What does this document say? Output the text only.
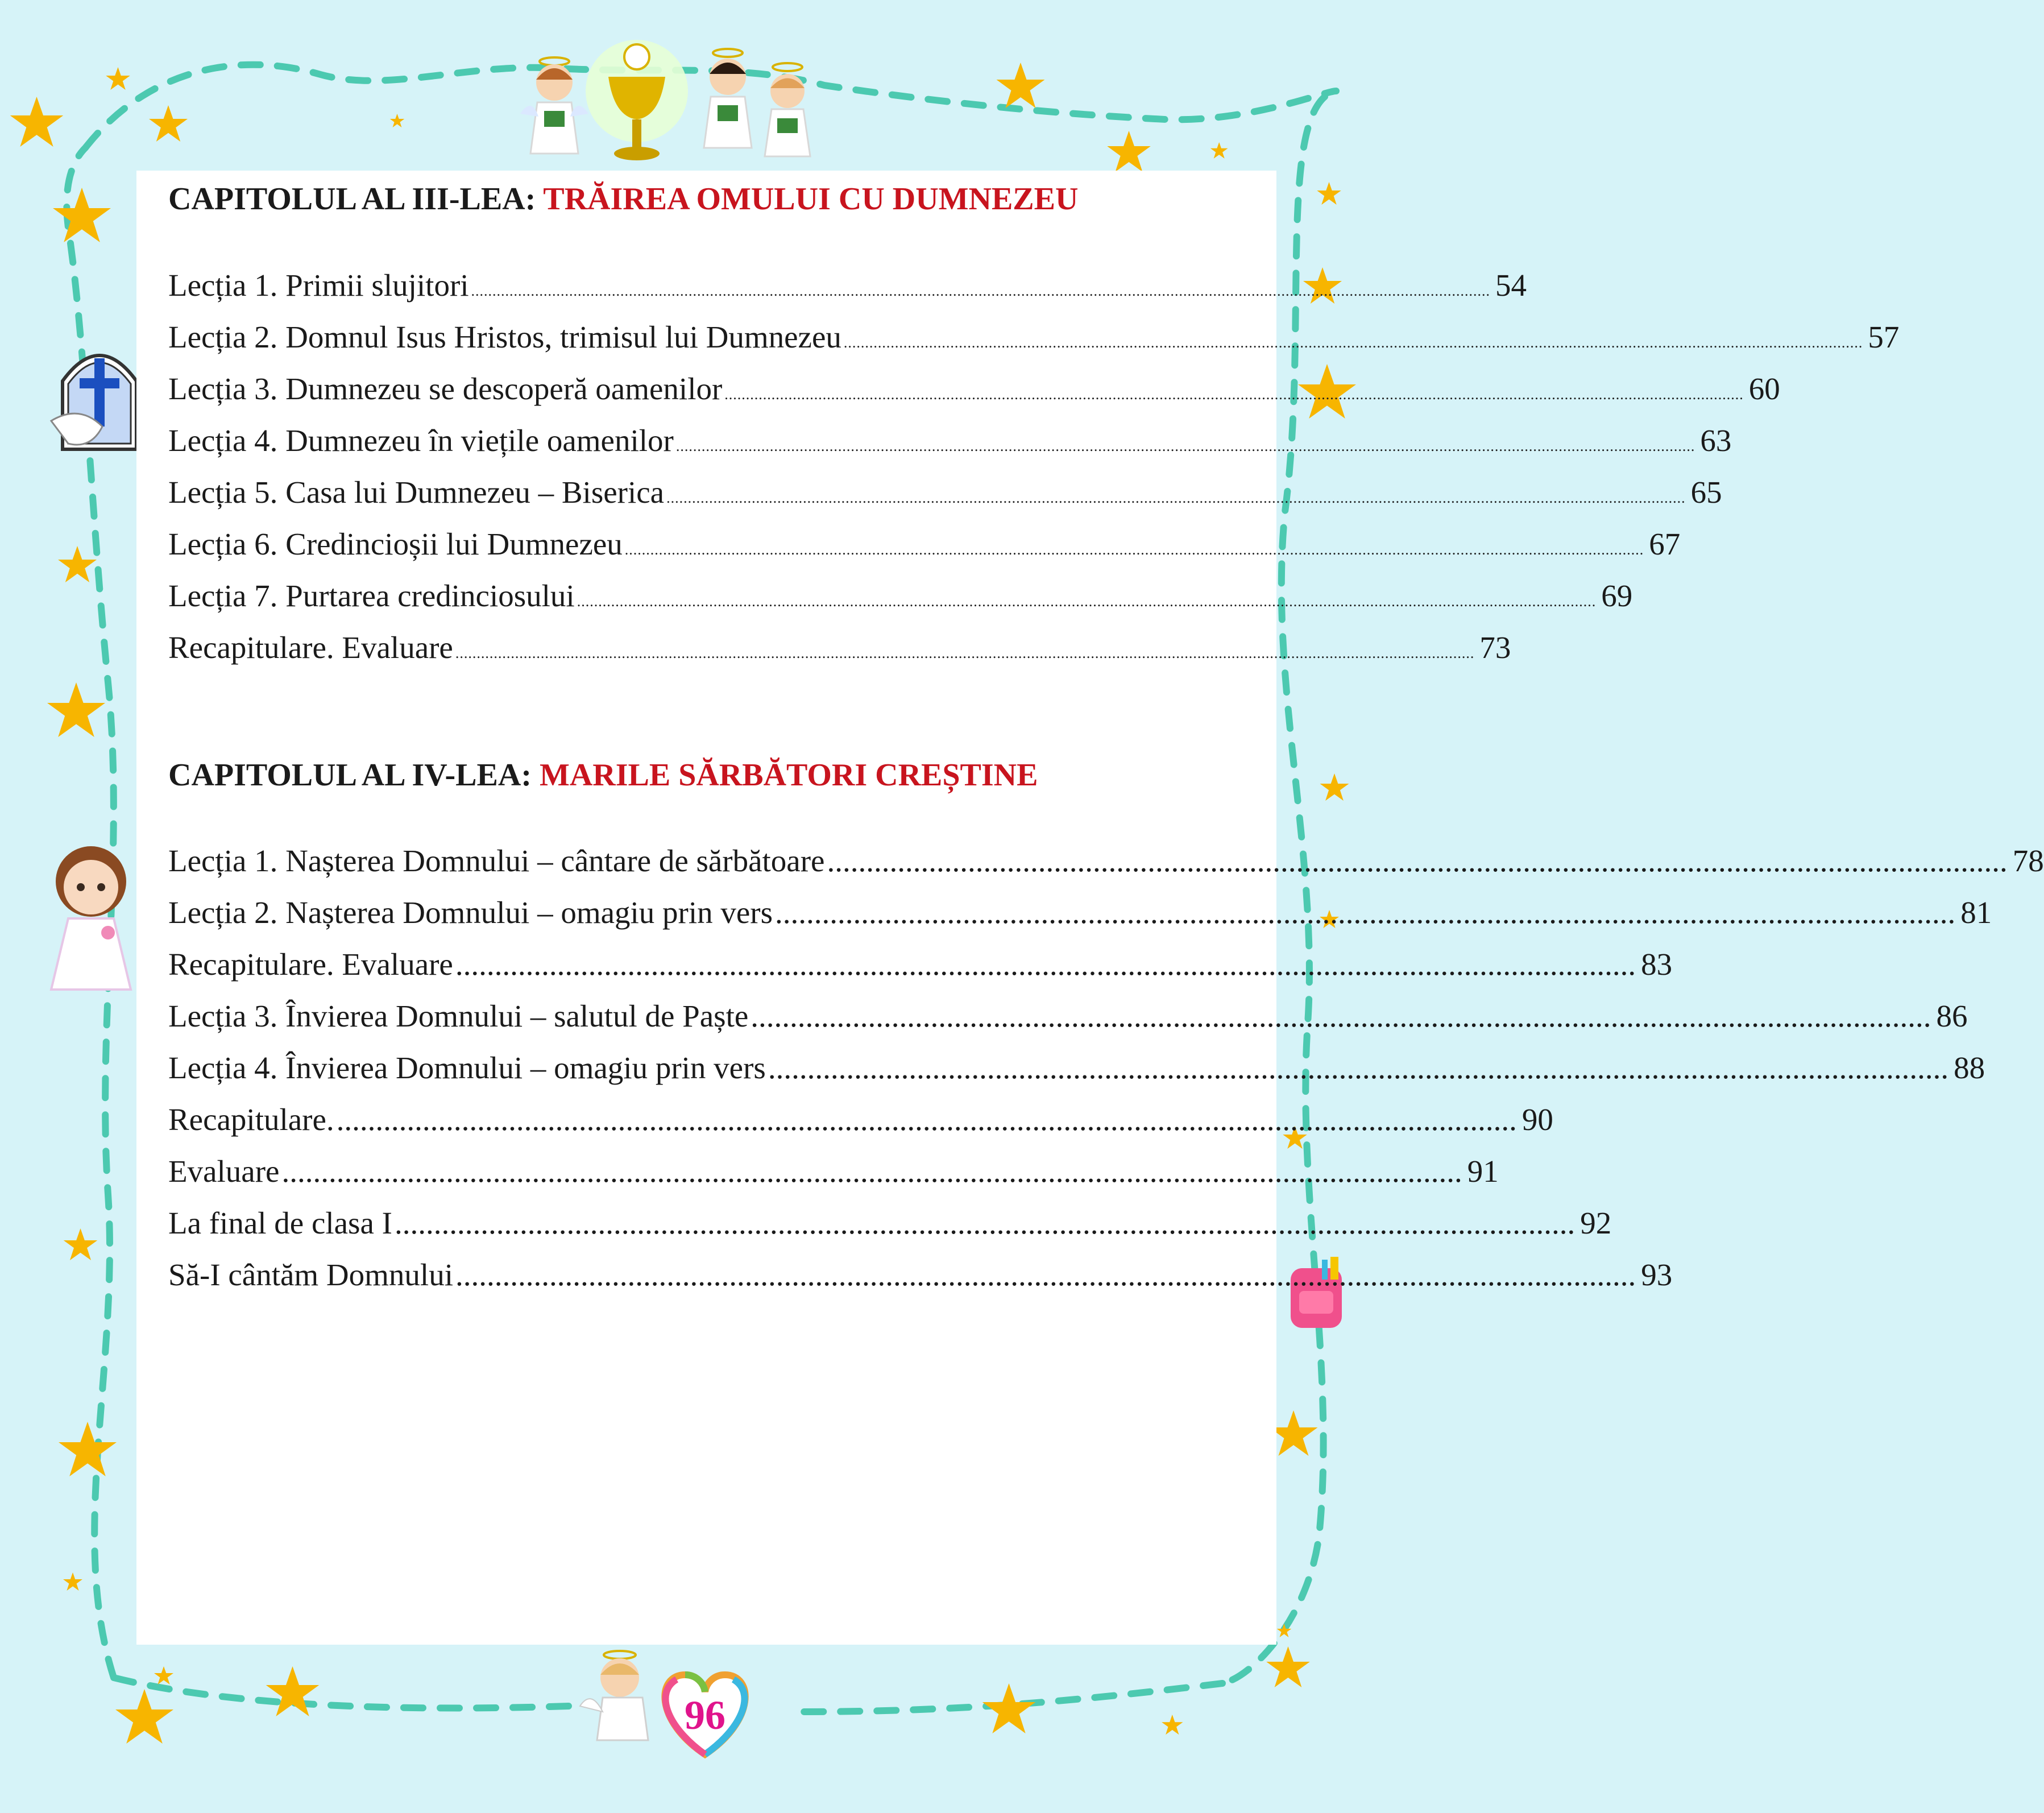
CAPITOLUL AL III-LEA: TRĂIREA OMULUI CU DUMNEZEU
Lecția 1. Primii slujitori ............................................................................................................................................................................................................................................... 54
Lecția 2. Domnul Isus Hristos, trimisul lui Dumnezeu ............................................................................................................................................................................................................................................... 57
Lecția 3. Dumnezeu se descoperă oamenilor ............................................................................................................................................................................................................................................... 60
Lecția 4. Dumnezeu în viețile oamenilor ............................................................................................................................................................................................................................................... 63
Lecția 5. Casa lui Dumnezeu – Biserica ............................................................................................................................................................................................................................................... 65
Lecția 6. Credincioșii lui Dumnezeu ............................................................................................................................................................................................................................................... 67
Lecția 7. Purtarea credinciosului ............................................................................................................................................................................................................................................... 69
Recapitulare. Evaluare ............................................................................................................................................................................................................................................... 73
CAPITOLUL AL IV-LEA: MARILE SĂRBĂTORI CREȘTINE
Lecția 1. Nașterea Domnului – cântare de sărbătoare ....................................................................................................................................................... 78
Lecția 2. Nașterea Domnului – omagiu prin vers ....................................................................................................................................................... 81
Recapitulare. Evaluare ....................................................................................................................................................... 83
Lecția 3. Învierea Domnului – salutul de Paște ....................................................................................................................................................... 86
Lecția 4. Învierea Domnului – omagiu prin vers ....................................................................................................................................................... 88
Recapitulare. ....................................................................................................................................................... 90
Evaluare ....................................................................................................................................................... 91
La final de clasa I ....................................................................................................................................................... 92
Să-I cântăm Domnului ....................................................................................................................................................... 93
96
